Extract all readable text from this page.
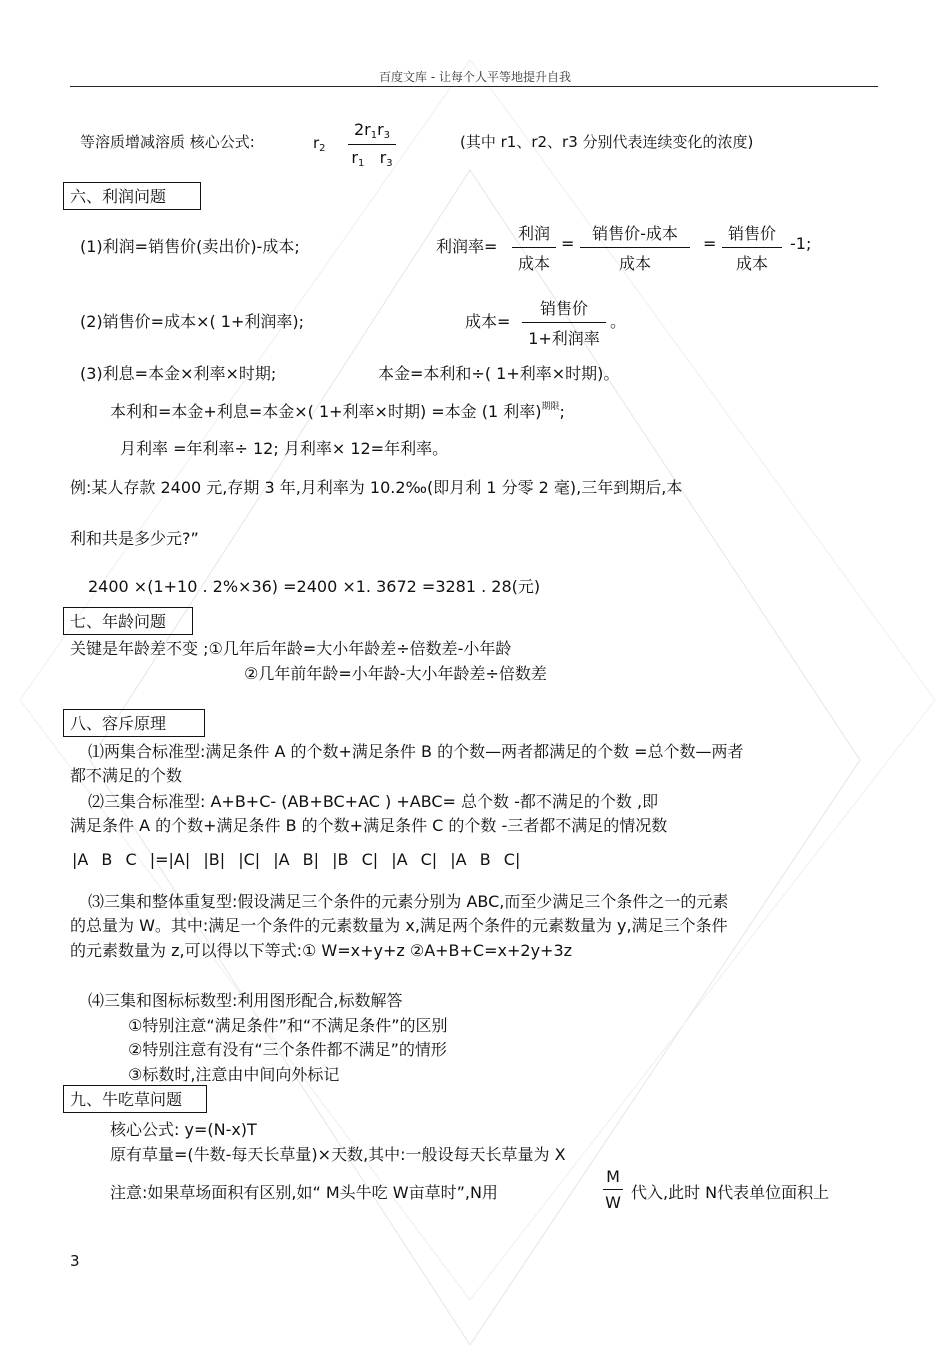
百度文库 - 让每个人平等地提升自我
等溶质增减溶质 核心公式:	$r_2$
$2r_1r_3$
$r_1$ $r_3$
(其中 r1、r2、r3 分别代表连续变化的浓度)
六、利润问题
(1)利润=销售价(卖出价)-成本;	利润率=
利润
成本
=
销售价-成本
成本
=
销售价
成本
-1;
(2)销售价=成本×( 1+利润率);	成本=
销售价
1+利润率
。
(3)利息=本金×利率×时期;	本金=本利和÷( 1+利率×时期)。
本利和=本金+利息=本金×( 1+利率×时期) =本金 (1 利率)$^{期限}$;
月利率 =年利率÷ 12; 月利率× 12=年利率。
例:某人存款 2400 元,存期 3 年,月利率为 10.2‰(即月利 1 分零 2 毫),三年到期后,本
利和共是多少元?”
2400 ×(1+10 . 2%×36) =2400 ×1. 3672 =3281 . 28(元)
七、年龄问题
关键是年龄差不变 ;①几年后年龄=大小年龄差÷倍数差-小年龄
②几年前年龄=小年龄-大小年龄差÷倍数差
八、容斥原理
⑴两集合标准型:满足条件 A 的个数+满足条件 B 的个数—两者都满足的个数 =总个数—两者
都不满足的个数
⑵三集合标准型: A+B+C- (AB+BC+AC ) +ABC= 总个数 -都不满足的个数 ,即
满足条件 A 的个数+满足条件 B 的个数+满足条件 C 的个数 -三者都不满足的情况数
|A B C |=|A| |B| |C| |A B| |B C| |A C| |A B C|
⑶三集和整体重复型:假设满足三个条件的元素分别为 ABC,而至少满足三个条件之一的元素
的总量为 W。其中:满足一个条件的元素数量为 x,满足两个条件的元素数量为 y,满足三个条件
的元素数量为 z,可以得以下等式:① W=x+y+z ②A+B+C=x+2y+3z
⑷三集和图标标数型:利用图形配合,标数解答
①特别注意“满足条件”和“不满足条件”的区别
②特别注意有没有“三个条件都不满足”的情形
③标数时,注意由中间向外标记
九、牛吃草问题
核心公式: y=(N-x)T
原有草量=(牛数-每天长草量)×天数,其中:一般设每天长草量为 X
注意:如果草场面积有区别,如“ M头牛吃 W亩草时”,N用
M
W
代入,此时 N代表单位面积上
3
